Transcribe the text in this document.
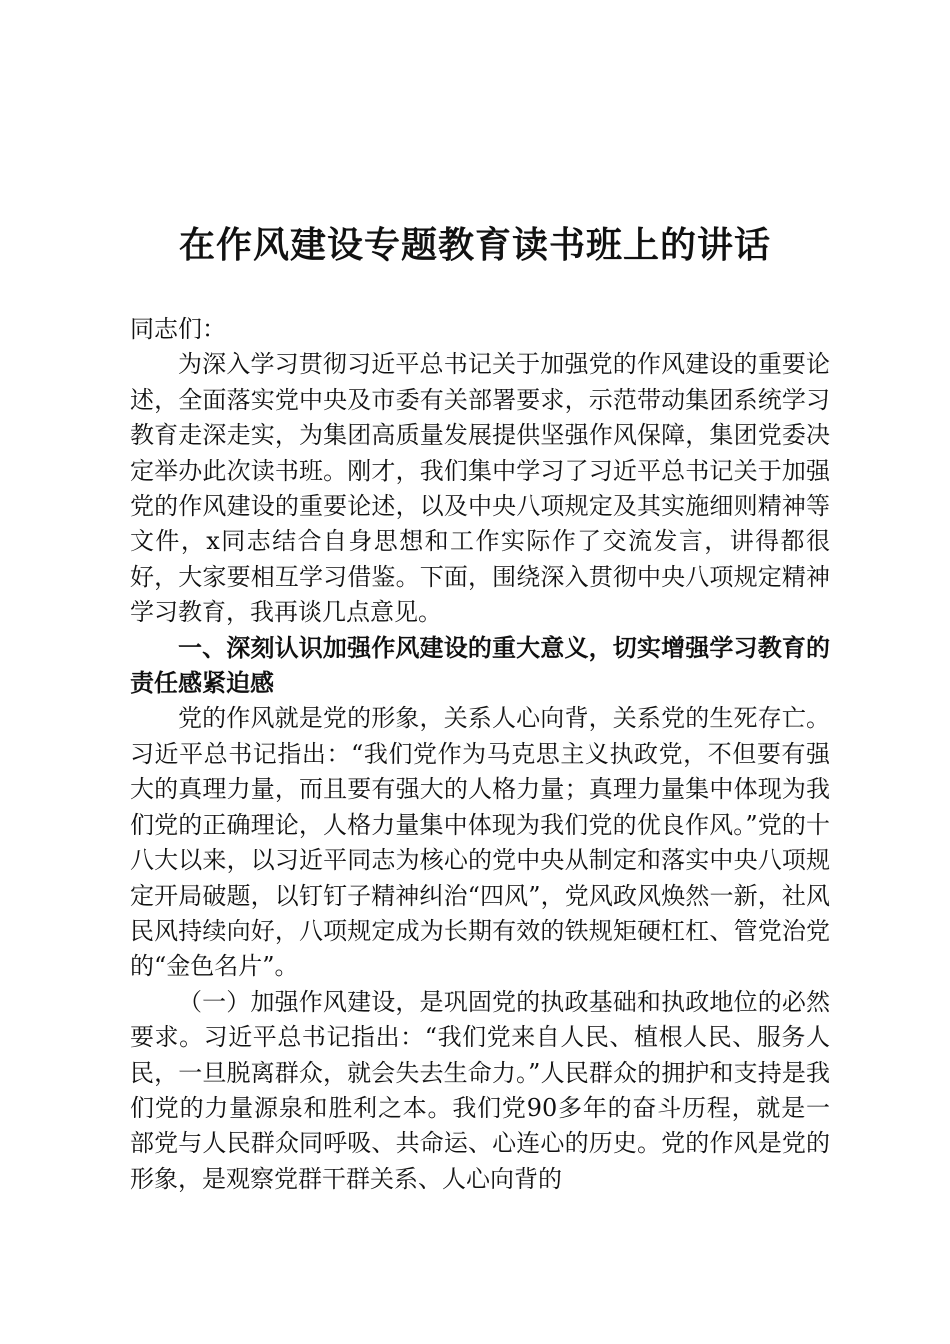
在作风建设专题教育读书班上的讲话

同志们：

为深入学习贯彻习近平总书记关于加强党的作风建设的重要论述，全面落实党中央及市委有关部署要求，示范带动集团系统学习教育走深走实，为集团高质量发展提供坚强作风保障，集团党委决定举办此次读书班。刚才，我们集中学习了习近平总书记关于加强党的作风建设的重要论述，以及中央八项规定及其实施细则精神等文件，x同志结合自身思想和工作实际作了交流发言，讲得都很好，大家要相互学习借鉴。下面，围绕深入贯彻中央八项规定精神学习教育，我再谈几点意见。

一、深刻认识加强作风建设的重大意义，切实增强学习教育的责任感紧迫感

党的作风就是党的形象，关系人心向背，关系党的生死存亡。习近平总书记指出：“我们党作为马克思主义执政党，不但要有强大的真理力量，而且要有强大的人格力量；真理力量集中体现为我们党的正确理论，人格力量集中体现为我们党的优良作风。”党的十八大以来，以习近平同志为核心的党中央从制定和落实中央八项规定开局破题，以钉钉子精神纠治“四风”，党风政风焕然一新，社风民风持续向好，八项规定成为长期有效的铁规矩硬杠杠、管党治党的“金色名片”。

（一）加强作风建设，是巩固党的执政基础和执政地位的必然要求。习近平总书记指出：“我们党来自人民、植根人民、服务人民，一旦脱离群众，就会失去生命力。”人民群众的拥护和支持是我们党的力量源泉和胜利之本。我们党90多年的奋斗历程，就是一部党与人民群众同呼吸、共命运、心连心的历史。党的作风是党的形象，是观察党群干群关系、人心向背的
